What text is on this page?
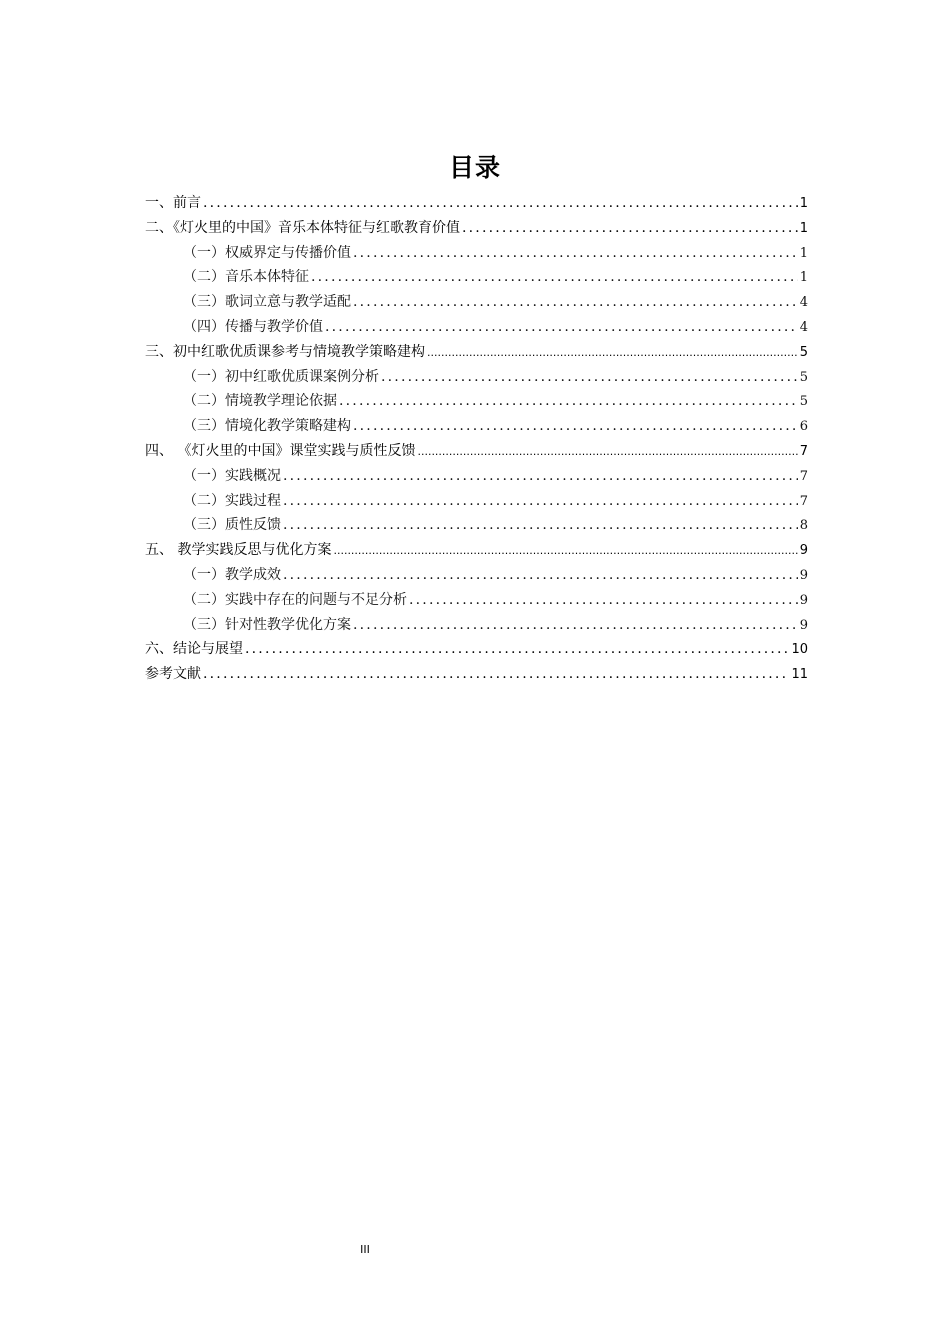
目录
一、前言 .....	1
二、《灯火里的中国》音乐本体特征与红歌教育价值 .....	1
（一）权威界定与传播价值 .....	1
（二）音乐本体特征 .....	1
（三）歌词立意与教学适配 .....	4
（四）传播与教学价值 .....	4
三、初中红歌优质课参考与情境教学策略建构 .....	5
（一）初中红歌优质课案例分析 .....	5
（二）情境教学理论依据 .....	5
（三）情境化教学策略建构 .....	6
四、 《灯火里的中国》课堂实践与质性反馈 .....	7
（一）实践概况 .....	7
（二）实践过程 .....	7
（三）质性反馈 .....	8
五、 教学实践反思与优化方案 .....	9
（一）教学成效 .....	9
（二）实践中存在的问题与不足分析 .....	9
（三）针对性教学优化方案 .....	9
六、结论与展望 .....	10
参考文献 .....	11
III
